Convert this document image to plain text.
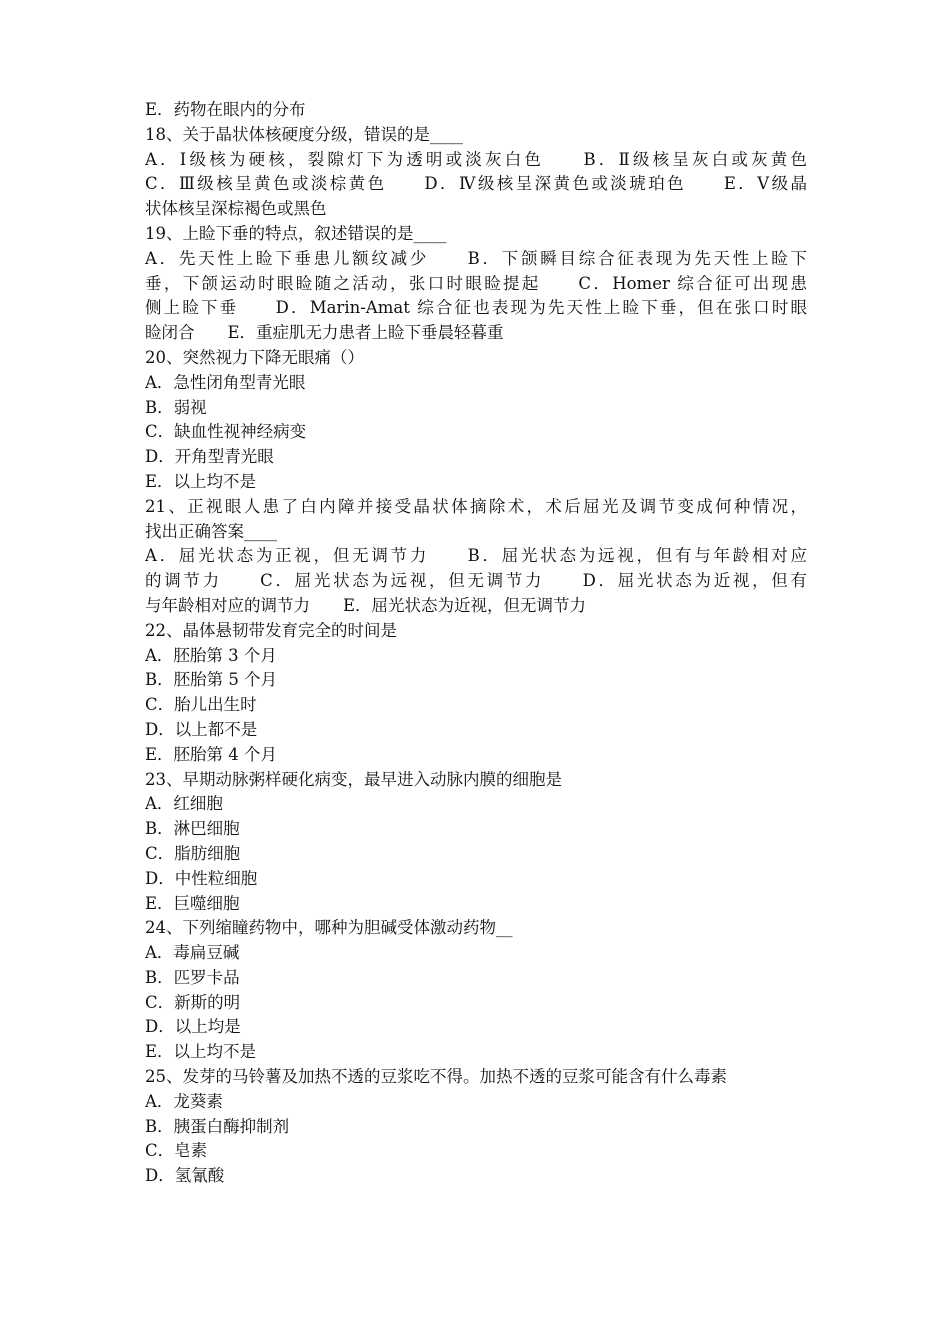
E．药物在眼内的分布
18、关于晶状体核硬度分级，错误的是____
A．Ⅰ级核为硬核，裂隙灯下为透明或淡灰白色　　B．Ⅱ级核呈灰白或灰黄色
C．Ⅲ级核呈黄色或淡棕黄色　　D．Ⅳ级核呈深黄色或淡琥珀色　　E．Ⅴ级晶
状体核呈深棕褐色或黑色
19、上睑下垂的特点，叙述错误的是____
A．先天性上睑下垂患儿额纹减少　　B．下颌瞬目综合征表现为先天性上睑下
垂，下颌运动时眼睑随之活动，张口时眼睑提起　　C．Homer 综合征可出现患
侧上睑下垂　　D．Marin-Amat 综合征也表现为先天性上睑下垂，但在张口时眼
睑闭合　　E．重症肌无力患者上睑下垂晨轻暮重
20、突然视力下降无眼痛（）
A．急性闭角型青光眼
B．弱视
C．缺血性视神经病变
D．开角型青光眼
E．以上均不是
21、正视眼人患了白内障并接受晶状体摘除术，术后屈光及调节变成何种情况，
找出正确答案____
A．屈光状态为正视，但无调节力　　B．屈光状态为远视，但有与年龄相对应
的调节力　　C．屈光状态为远视，但无调节力　　D．屈光状态为近视，但有
与年龄相对应的调节力　　E．屈光状态为近视，但无调节力
22、晶体悬韧带发育完全的时间是
A．胚胎第 3 个月
B．胚胎第 5 个月
C．胎儿出生时
D．以上都不是
E．胚胎第 4 个月
23、早期动脉粥样硬化病变，最早进入动脉内膜的细胞是
A．红细胞
B．淋巴细胞
C．脂肪细胞
D．中性粒细胞
E．巨噬细胞
24、下列缩瞳药物中，哪种为胆碱受体激动药物__
A．毒扁豆碱
B．匹罗卡品
C．新斯的明
D．以上均是
E．以上均不是
25、发芽的马铃薯及加热不透的豆浆吃不得。加热不透的豆浆可能含有什么毒素
A．龙葵素
B．胰蛋白酶抑制剂
C．皂素
D．氢氰酸
